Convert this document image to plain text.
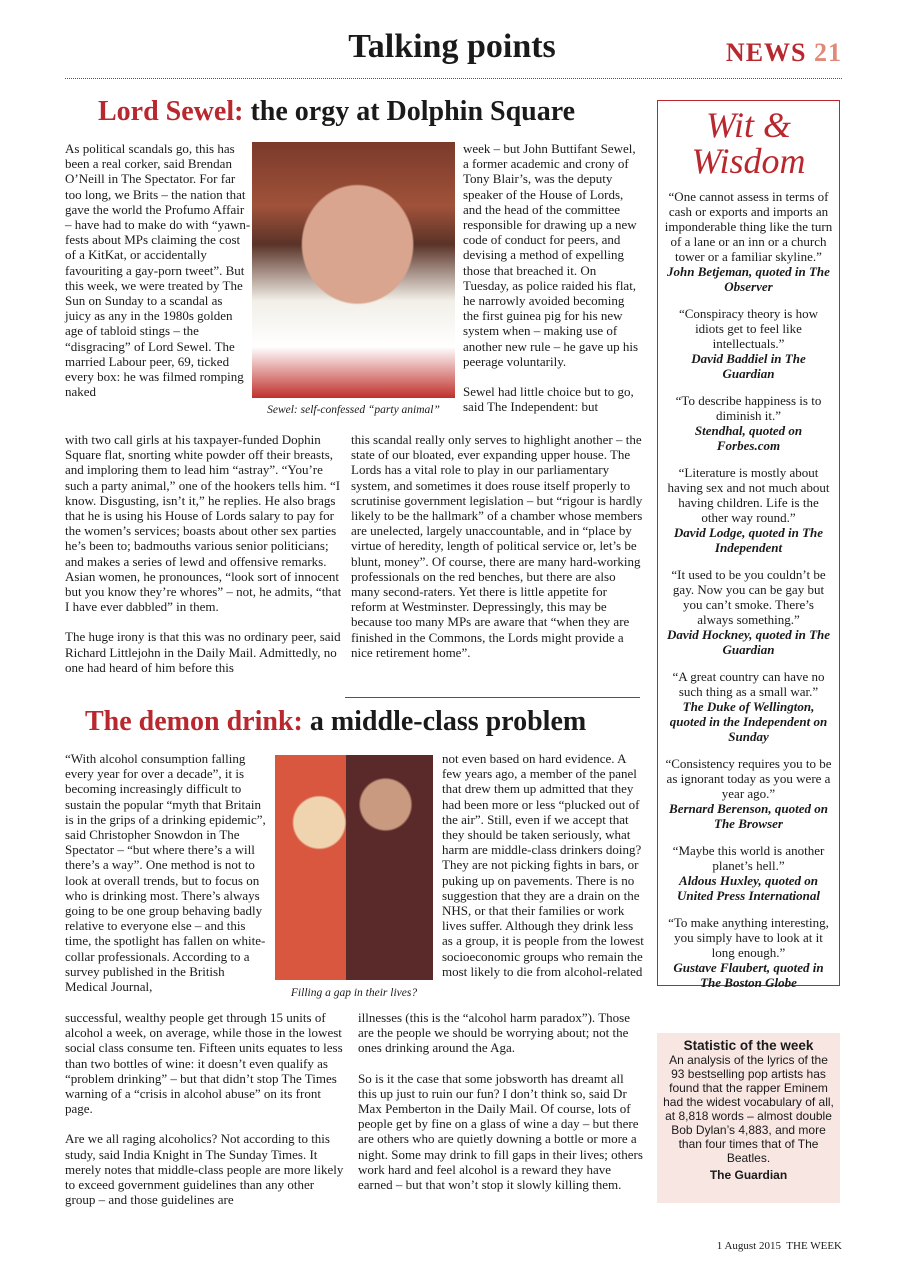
Talking points	NEWS 21
Lord Sewel: the orgy at Dolphin Square
As political scandals go, this has been a real corker, said Brendan O’Neill in The Spectator. For far too long, we Brits – the nation that gave the world the Profumo Affair – have had to make do with “yawn-fests about MPs claiming the cost of a KitKat, or accidentally favouriting a gay-porn tweet”. But this week, we were treated by The Sun on Sunday to a scandal as juicy as any in the 1980s golden age of tabloid stings – the “disgracing” of Lord Sewel. The married Labour peer, 69, ticked every box: he was filmed romping naked
Sewel: self-confessed “party animal”

week – but John Buttifant Sewel, a former academic and crony of Tony Blair’s, was the deputy speaker of the House of Lords, and the head of the committee responsible for drawing up a new code of conduct for peers, and devising a method of expelling those that breached it. On Tuesday, as police raided his flat, he narrowly avoided becoming the first guinea pig for his new system when – making use of another new rule – he gave up his peerage voluntarily.

Sewel had little choice but to go, said The Independent: but

with two call girls at his taxpayer-funded Dophin Square flat, snorting white powder off their breasts, and imploring them to lead him “astray”. “You’re such a party animal,” one of the hookers tells him. “I know. Disgusting, isn’t it,” he replies. He also brags that he is using his House of Lords salary to pay for the women’s services; boasts about other sex parties he’s been to; badmouths various senior politicians; and makes a series of lewd and offensive remarks. Asian women, he pronounces, “look sort of innocent but you know they’re whores” – not, he admits, “that I have ever dabbled” in them.

The huge irony is that this was no ordinary peer, said Richard Littlejohn in the Daily Mail. Admittedly, no one had heard of him before this

this scandal really only serves to highlight another – the state of our bloated, ever expanding upper house. The Lords has a vital role to play in our parliamentary system, and sometimes it does rouse itself properly to scrutinise government legislation – but “rigour is hardly likely to be the hallmark” of a chamber whose members are unelected, largely unaccountable, and in “place by virtue of heredity, length of political service or, let’s be blunt, money”. Of course, there are many hard-working professionals on the red benches, but there are also many second-raters. Yet there is little appetite for reform at Westminster. Depressingly, this may be because too many MPs are aware that “when they are finished in the Commons, the Lords might provide a nice retirement home”.
The demon drink: a middle-class problem
“With alcohol consumption falling every year for over a decade”, it is becoming increasingly difficult to sustain the popular “myth that Britain is in the grips of a drinking epidemic”, said Christopher Snowdon in The Spectator – “but where there’s a will there’s a way”. One method is not to look at overall trends, but to focus on who is drinking most. There’s always going to be one group behaving badly relative to everyone else – and this time, the spotlight has fallen on white-collar professionals. According to a survey published in the British Medical Journal,	Filling a gap in their lives?
not even based on hard evidence. A few years ago, a member of the panel that drew them up admitted that they had been more or less “plucked out of the air”. Still, even if we accept that they should be taken seriously, what harm are middle-class drinkers doing? They are not picking fights in bars, or puking up on pavements. There is no suggestion that they are a drain on the NHS, or that their families or work lives suffer. Although they drink less as a group, it is people from the lowest socioeconomic groups who remain the most likely to die from alcohol-related

successful, wealthy people get through 15 units of alcohol a week, on average, while those in the lowest social class consume ten. Fifteen units equates to less than two bottles of wine: it doesn’t even qualify as “problem drinking” – but that didn’t stop The Times warning of a “crisis in alcohol abuse” on its front page.

Are we all raging alcoholics? Not according to this study, said India Knight in The Sunday Times. It merely notes that middle-class people are more likely to exceed government guidelines than any other group – and those guidelines are

illnesses (this is the “alcohol harm paradox”). Those are the people we should be worrying about; not the ones drinking around the Aga.

So is it the case that some jobsworth has dreamt all this up just to ruin our fun? I don’t think so, said Dr Max Pemberton in the Daily Mail. Of course, lots of people get by fine on a glass of wine a day – but there are others who are quietly downing a bottle or more a night. Some may drink to fill gaps in their lives; others work hard and feel alcohol is a reward they have earned – but that won’t stop it slowly killing them.

Wit &
Wisdom
“One cannot assess in terms of cash or exports and imports an imponderable thing like the turn of a lane or an inn or a church tower or a familiar skyline.”
John Betjeman, quoted in The Observer
“Conspiracy theory is how idiots get to feel like intellectuals.”
David Baddiel in The Guardian
“To describe happiness is to diminish it.”
Stendhal, quoted on Forbes.com
“Literature is mostly about having sex and not much about having children. Life is the other way round.”
David Lodge, quoted in The Independent
“It used to be you couldn’t be gay. Now you can be gay but you can’t smoke. There’s always something.”
David Hockney, quoted in The Guardian
“A great country can have no such thing as a small war.”
The Duke of Wellington, quoted in the Independent on Sunday
“Consistency requires you to be as ignorant today as you were a year ago.”
Bernard Berenson, quoted on The Browser
“Maybe this world is another planet’s hell.”
Aldous Huxley, quoted on United Press International
“To make anything interesting, you simply have to look at it long enough.”
Gustave Flaubert, quoted in The Boston Globe
Statistic of the week
An analysis of the lyrics of the 93 bestselling pop artists has found that the rapper Eminem had the widest vocabulary of all, at 8,818 words – almost double Bob Dylan’s 4,883, and more than four times that of The Beatles.
The Guardian
1 August 2015 THE WEEK
